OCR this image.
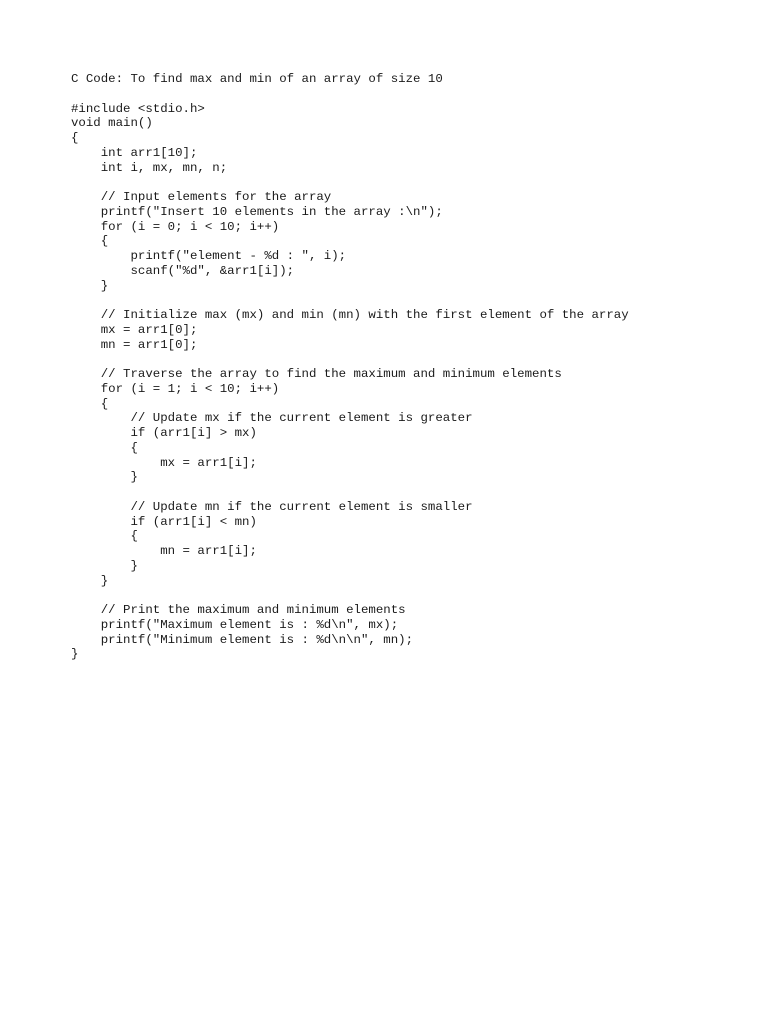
C Code: To find max and min of an array of size 10
#include <stdio.h>
void main()
{
int arr1[10];
int i, mx, mn, n;
// Input elements for the array
printf("Insert 10 elements in the array :\n");
for (i = 0; i < 10; i++)
{
printf("element - %d : ", i);
scanf("%d", &arr1[i]);
}
// Initialize max (mx) and min (mn) with the first element of the array
mx = arr1[0];
mn = arr1[0];
// Traverse the array to find the maximum and minimum elements
for (i = 1; i < 10; i++)
{
// Update mx if the current element is greater
if (arr1[i] > mx)
{
mx = arr1[i];
}
// Update mn if the current element is smaller
if (arr1[i] < mn)
{
mn = arr1[i];
}
}
// Print the maximum and minimum elements
printf("Maximum element is : %d\n", mx);
printf("Minimum element is : %d\n\n", mn);
}
